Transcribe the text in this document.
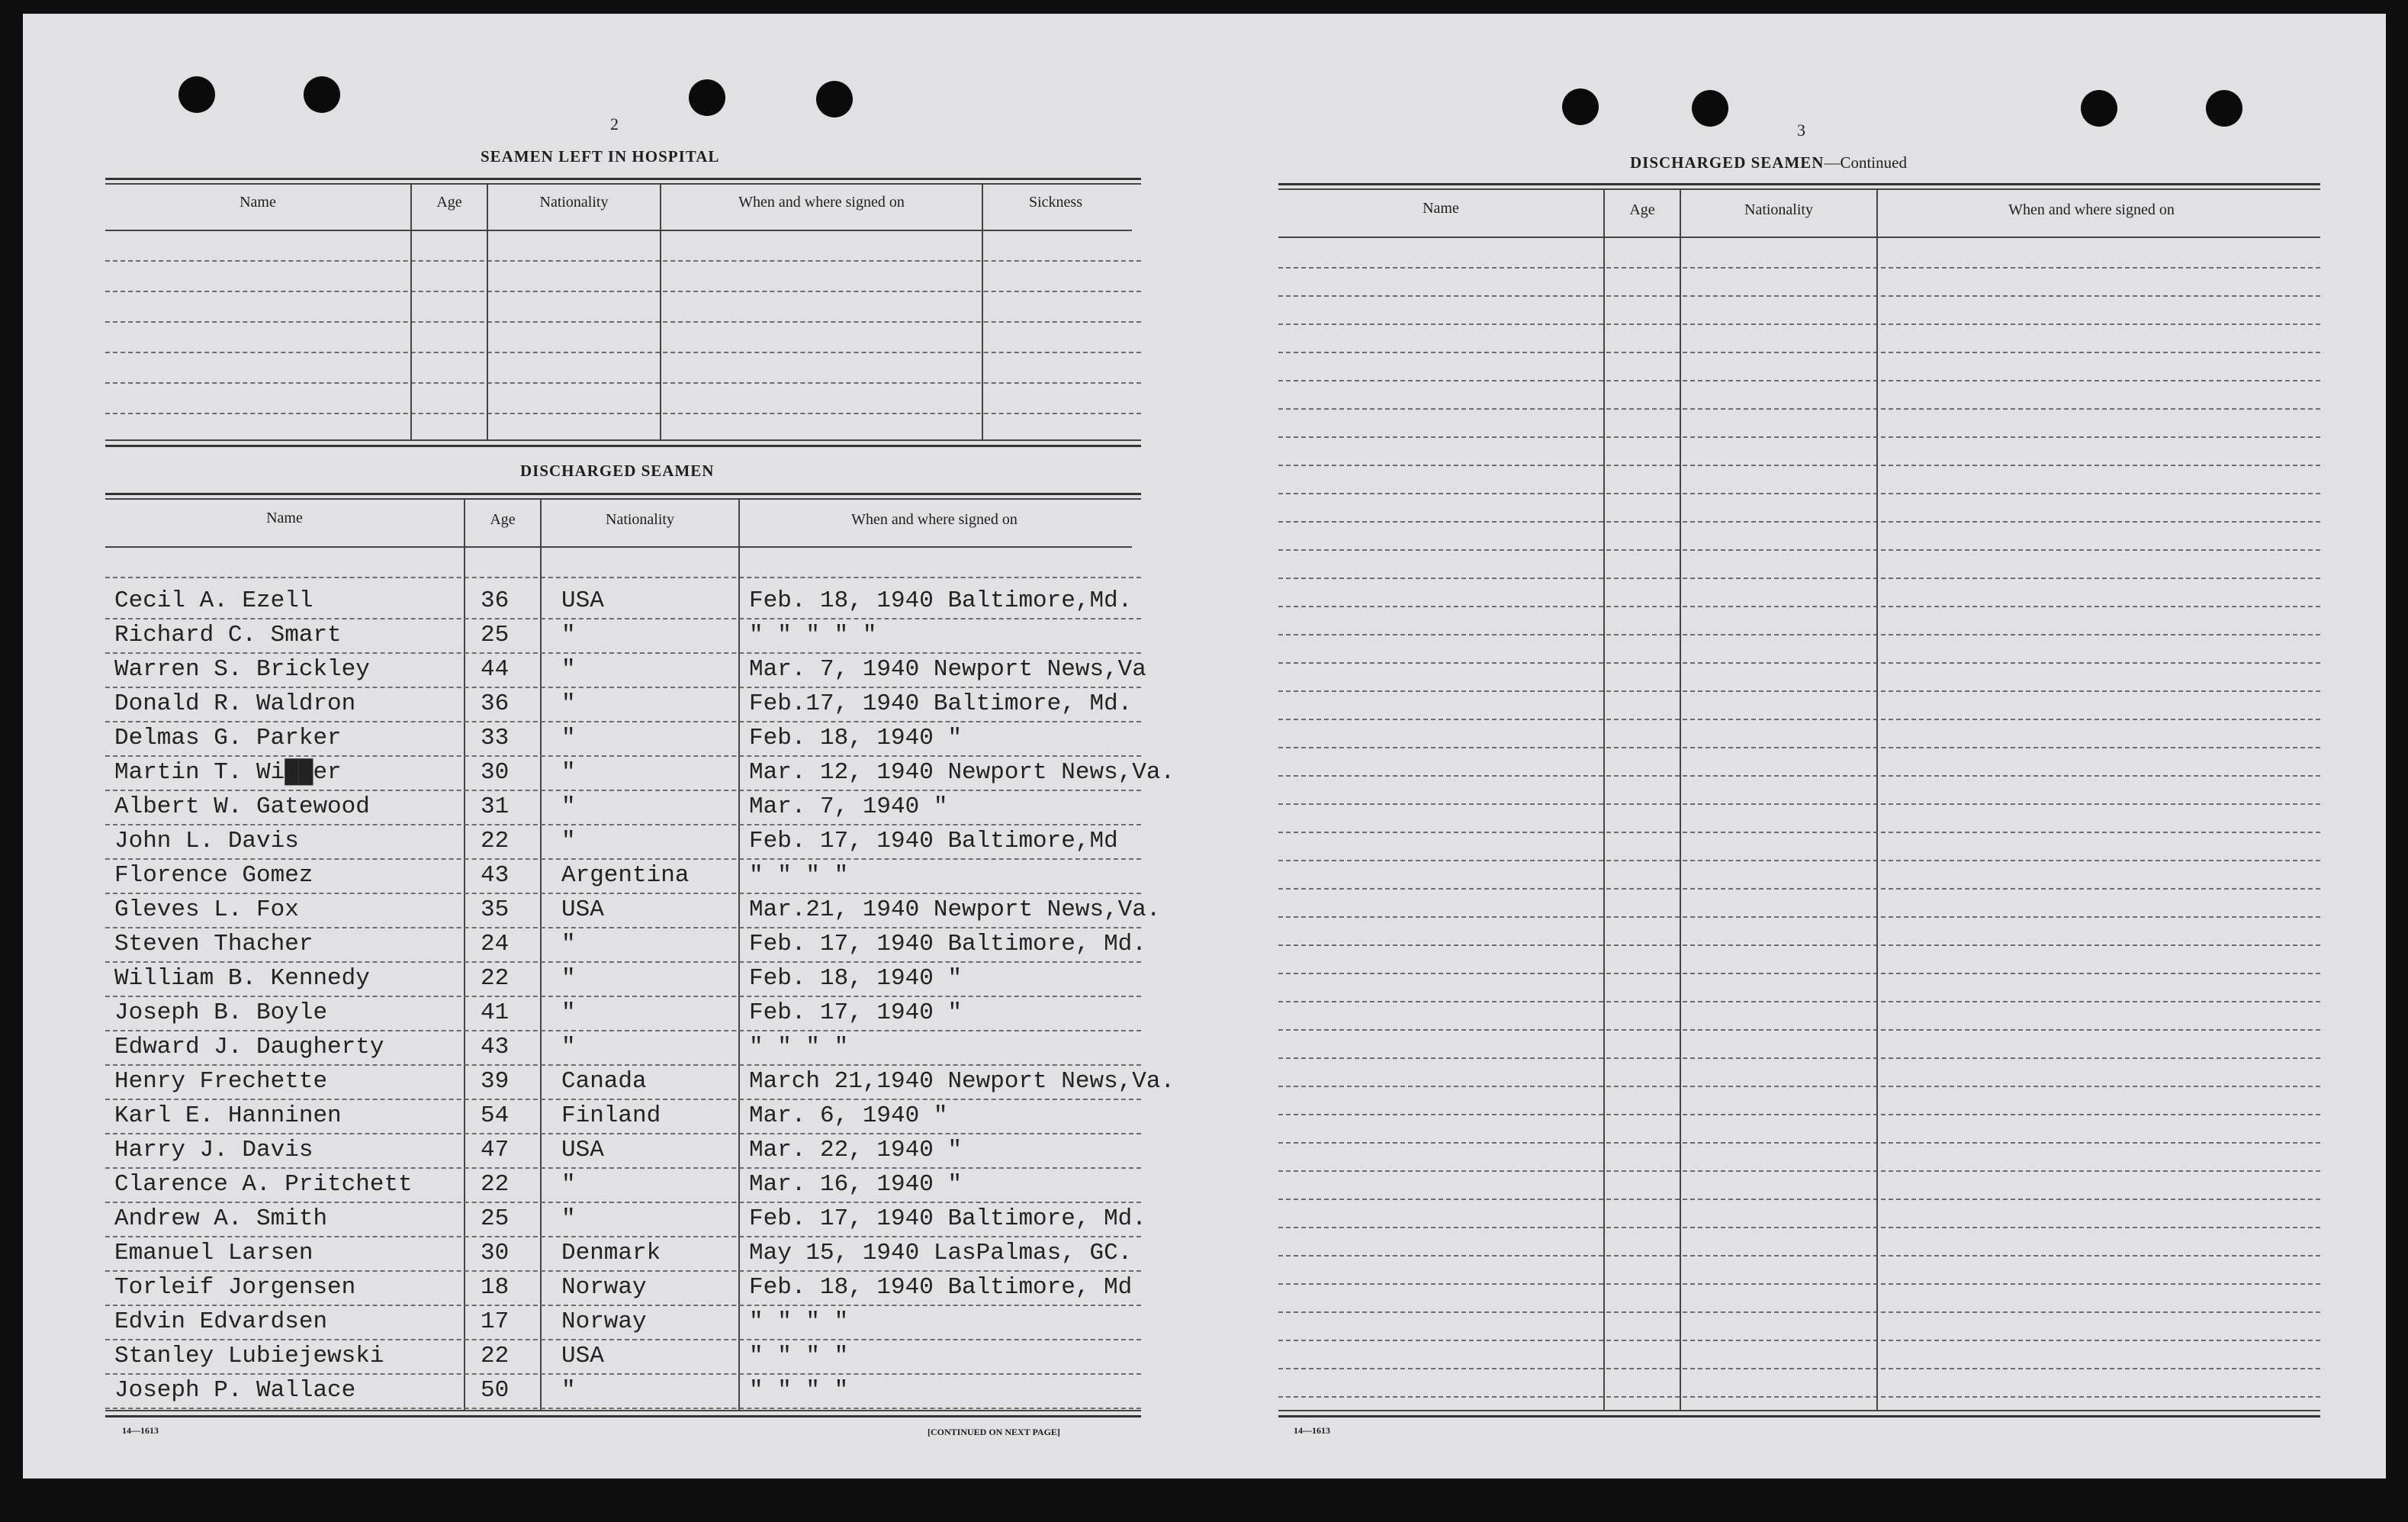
2
SEAMEN LEFT IN HOSPITAL
Name	Age	Nationality	When and where signed on	Sickness
DISCHARGED SEAMEN
Name	Age	Nationality	When and where signed on
Cecil A. Ezell	36 USA	Feb. 18, 1940 Baltimore,Md.
Richard C. Smart	25 "	" " " " "
Warren S. Brickley	44 "	Mar. 7, 1940 Newport News,Va
Donald R. Waldron	36 "	Feb.17, 1940 Baltimore, Md.
Delmas G. Parker	33 "	Feb. 18, 1940 "
Martin T. Wi██er	30 "	Mar. 12, 1940 Newport News,Va.
Albert W. Gatewood	31 "	Mar. 7, 1940 "
John L. Davis	22 "	Feb. 17, 1940 Baltimore,Md
Florence Gomez	43 Argentina	" " " "
Gleves L. Fox	35 USA	Mar.21, 1940 Newport News,Va.
Steven Thacher	24 "	Feb. 17, 1940 Baltimore, Md.
William B. Kennedy	22 "	Feb. 18, 1940 "
Joseph B. Boyle	41 "	Feb. 17, 1940 "
Edward J. Daugherty	43 "	" " " "
Henry Frechette	39 Canada	March 21,1940 Newport News,Va.
Karl E. Hanninen	54 Finland	Mar. 6, 1940 "
Harry J. Davis	47 USA	Mar. 22, 1940 "
Clarence A. Pritchett	22 "	Mar. 16, 1940 "
Andrew A. Smith	25 "	Feb. 17, 1940 Baltimore, Md.
Emanuel Larsen	30 Denmark	May 15, 1940 LasPalmas, GC.
Torleif Jorgensen	18 Norway	Feb. 18, 1940 Baltimore, Md
Edvin Edvardsen	17 Norway	" " " "
Stanley Lubiejewski	22 USA	" " " "
Joseph P. Wallace	50 "	" " " "
14—1613	[CONTINUED ON NEXT PAGE]
3
DISCHARGED SEAMEN—Continued
Name	Age	Nationality	When and where signed on
14—1613
